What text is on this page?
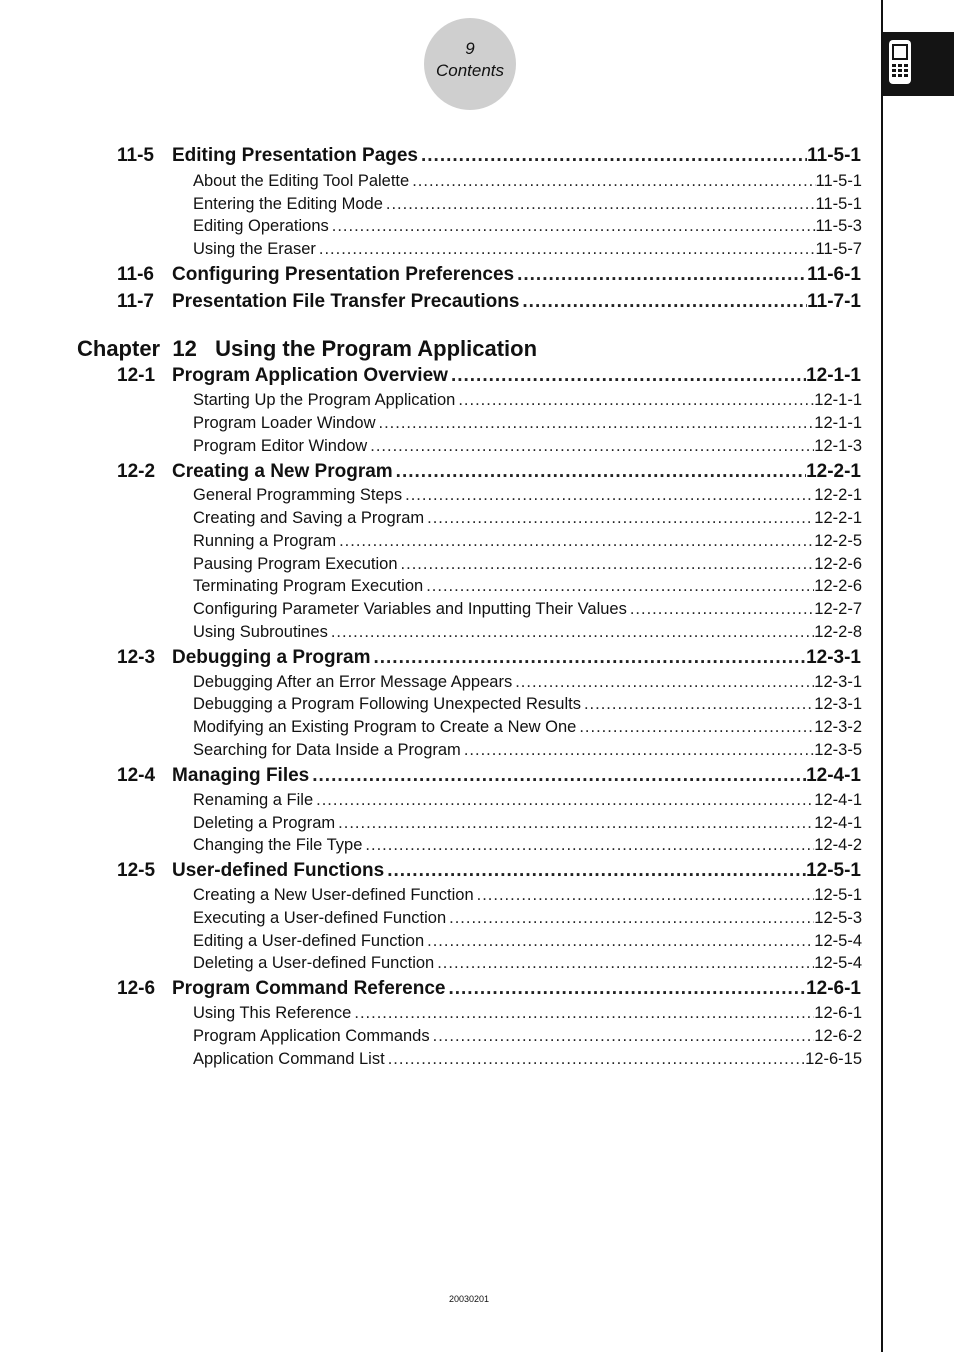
9
Contents
11-5 Editing Presentation Pages .....	11-5-1
About the Editing Tool Palette .....	11-5-1
Entering the Editing Mode .....	11-5-1
Editing Operations .....	11-5-3
Using the Eraser .....	11-5-7
11-6 Configuring Presentation Preferences .....	11-6-1
11-7 Presentation File Transfer Precautions .....	11-7-1
Chapter  12   Using the Program Application
12-1 Program Application Overview .....	12-1-1
Starting Up the Program Application .....	12-1-1
Program Loader Window .....	12-1-1
Program Editor Window .....	12-1-3
12-2 Creating a New Program .....	12-2-1
General Programming Steps .....	12-2-1
Creating and Saving a Program .....	12-2-1
Running a Program .....	12-2-5
Pausing Program Execution .....	12-2-6
Terminating Program Execution .....	12-2-6
Configuring Parameter Variables and Inputting Their Values .....	12-2-7
Using Subroutines .....	12-2-8
12-3 Debugging a Program .....	12-3-1
Debugging After an Error Message Appears .....	12-3-1
Debugging a Program Following Unexpected Results .....	12-3-1
Modifying an Existing Program to Create a New One .....	12-3-2
Searching for Data Inside a Program .....	12-3-5
12-4 Managing Files .....	12-4-1
Renaming a File .....	12-4-1
Deleting a Program .....	12-4-1
Changing the File Type .....	12-4-2
12-5 User-defined Functions .....	12-5-1
Creating a New User-defined Function .....	12-5-1
Executing a User-defined Function .....	12-5-3
Editing a User-defined Function .....	12-5-4
Deleting a User-defined Function .....	12-5-4
12-6 Program Command Reference .....	12-6-1
Using This Reference .....	12-6-1
Program Application Commands .....	12-6-2
Application Command List .....	12-6-15
20030201
